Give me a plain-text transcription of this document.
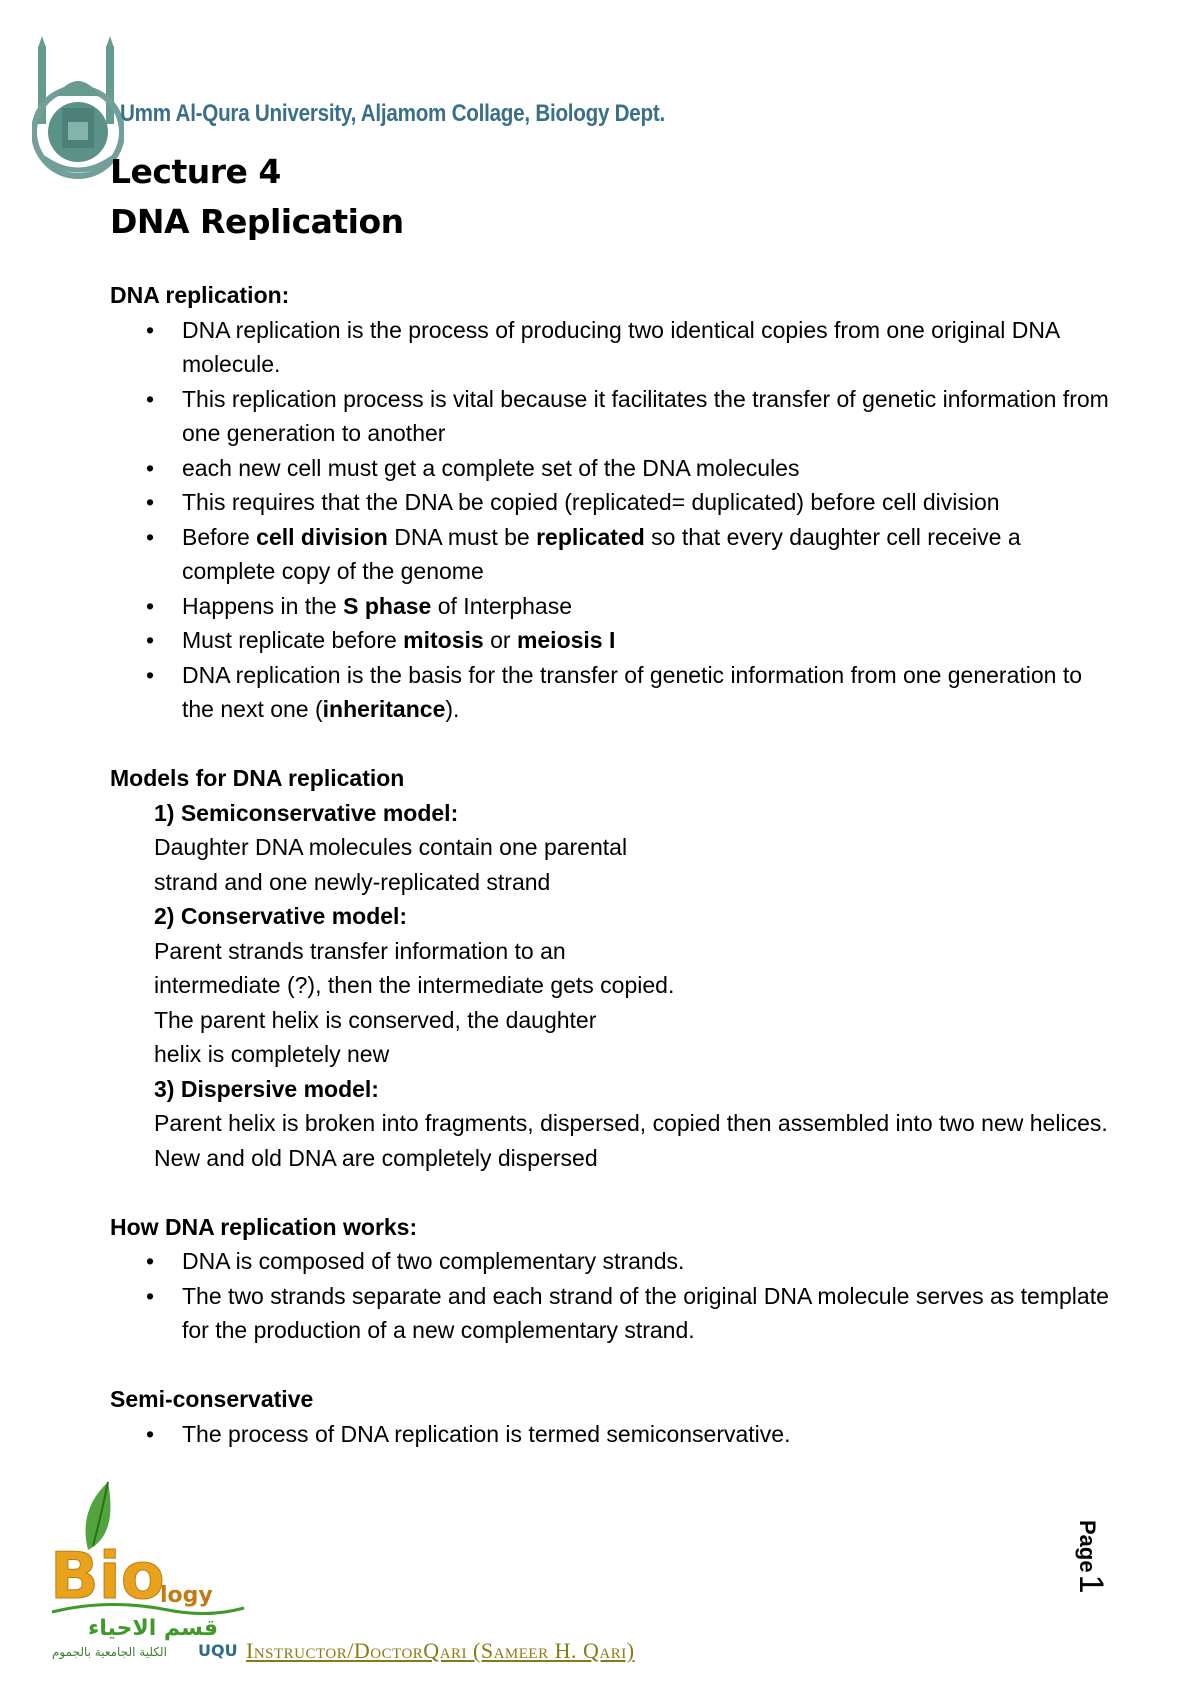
Umm Al-Qura University, Aljamom Collage, Biology Dept.
Lecture 4
DNA Replication

DNA replication:

• DNA replication is the process of producing two identical copies from one original DNA molecule.
• This replication process is vital because it facilitates the transfer of genetic information from one generation to another
• each new cell must get a complete set of the DNA molecules
• This requires that the DNA be copied (replicated= duplicated) before cell division
• Before cell division DNA must be replicated so that every daughter cell receive a complete copy of the genome
• Happens in the S phase of Interphase
• Must replicate before mitosis or meiosis I
• DNA replication is the basis for the transfer of genetic information from one generation to the next one (inheritance).

Models for DNA replication

1) Semiconservative model:
Daughter DNA molecules contain one parental
strand and one newly-replicated strand
2) Conservative model:
Parent strands transfer information to an
intermediate (?), then the intermediate gets copied.
The parent helix is conserved, the daughter
helix is completely new
3) Dispersive model:
Parent helix is broken into fragments, dispersed, copied then assembled into two new helices.
New and old DNA are completely dispersed

How DNA replication works:

• DNA is composed of two complementary strands.
• The two strands separate and each strand of the original DNA molecule serves as template for the production of a new complementary strand.

Semi-conservative

• The process of DNA replication is termed semiconservative.
Page
1
Bio
logy
قسم الاحياء
الكلية الجامعية بالجموم UQU Instructor/DoctorQari (Sameer H. Qari)
